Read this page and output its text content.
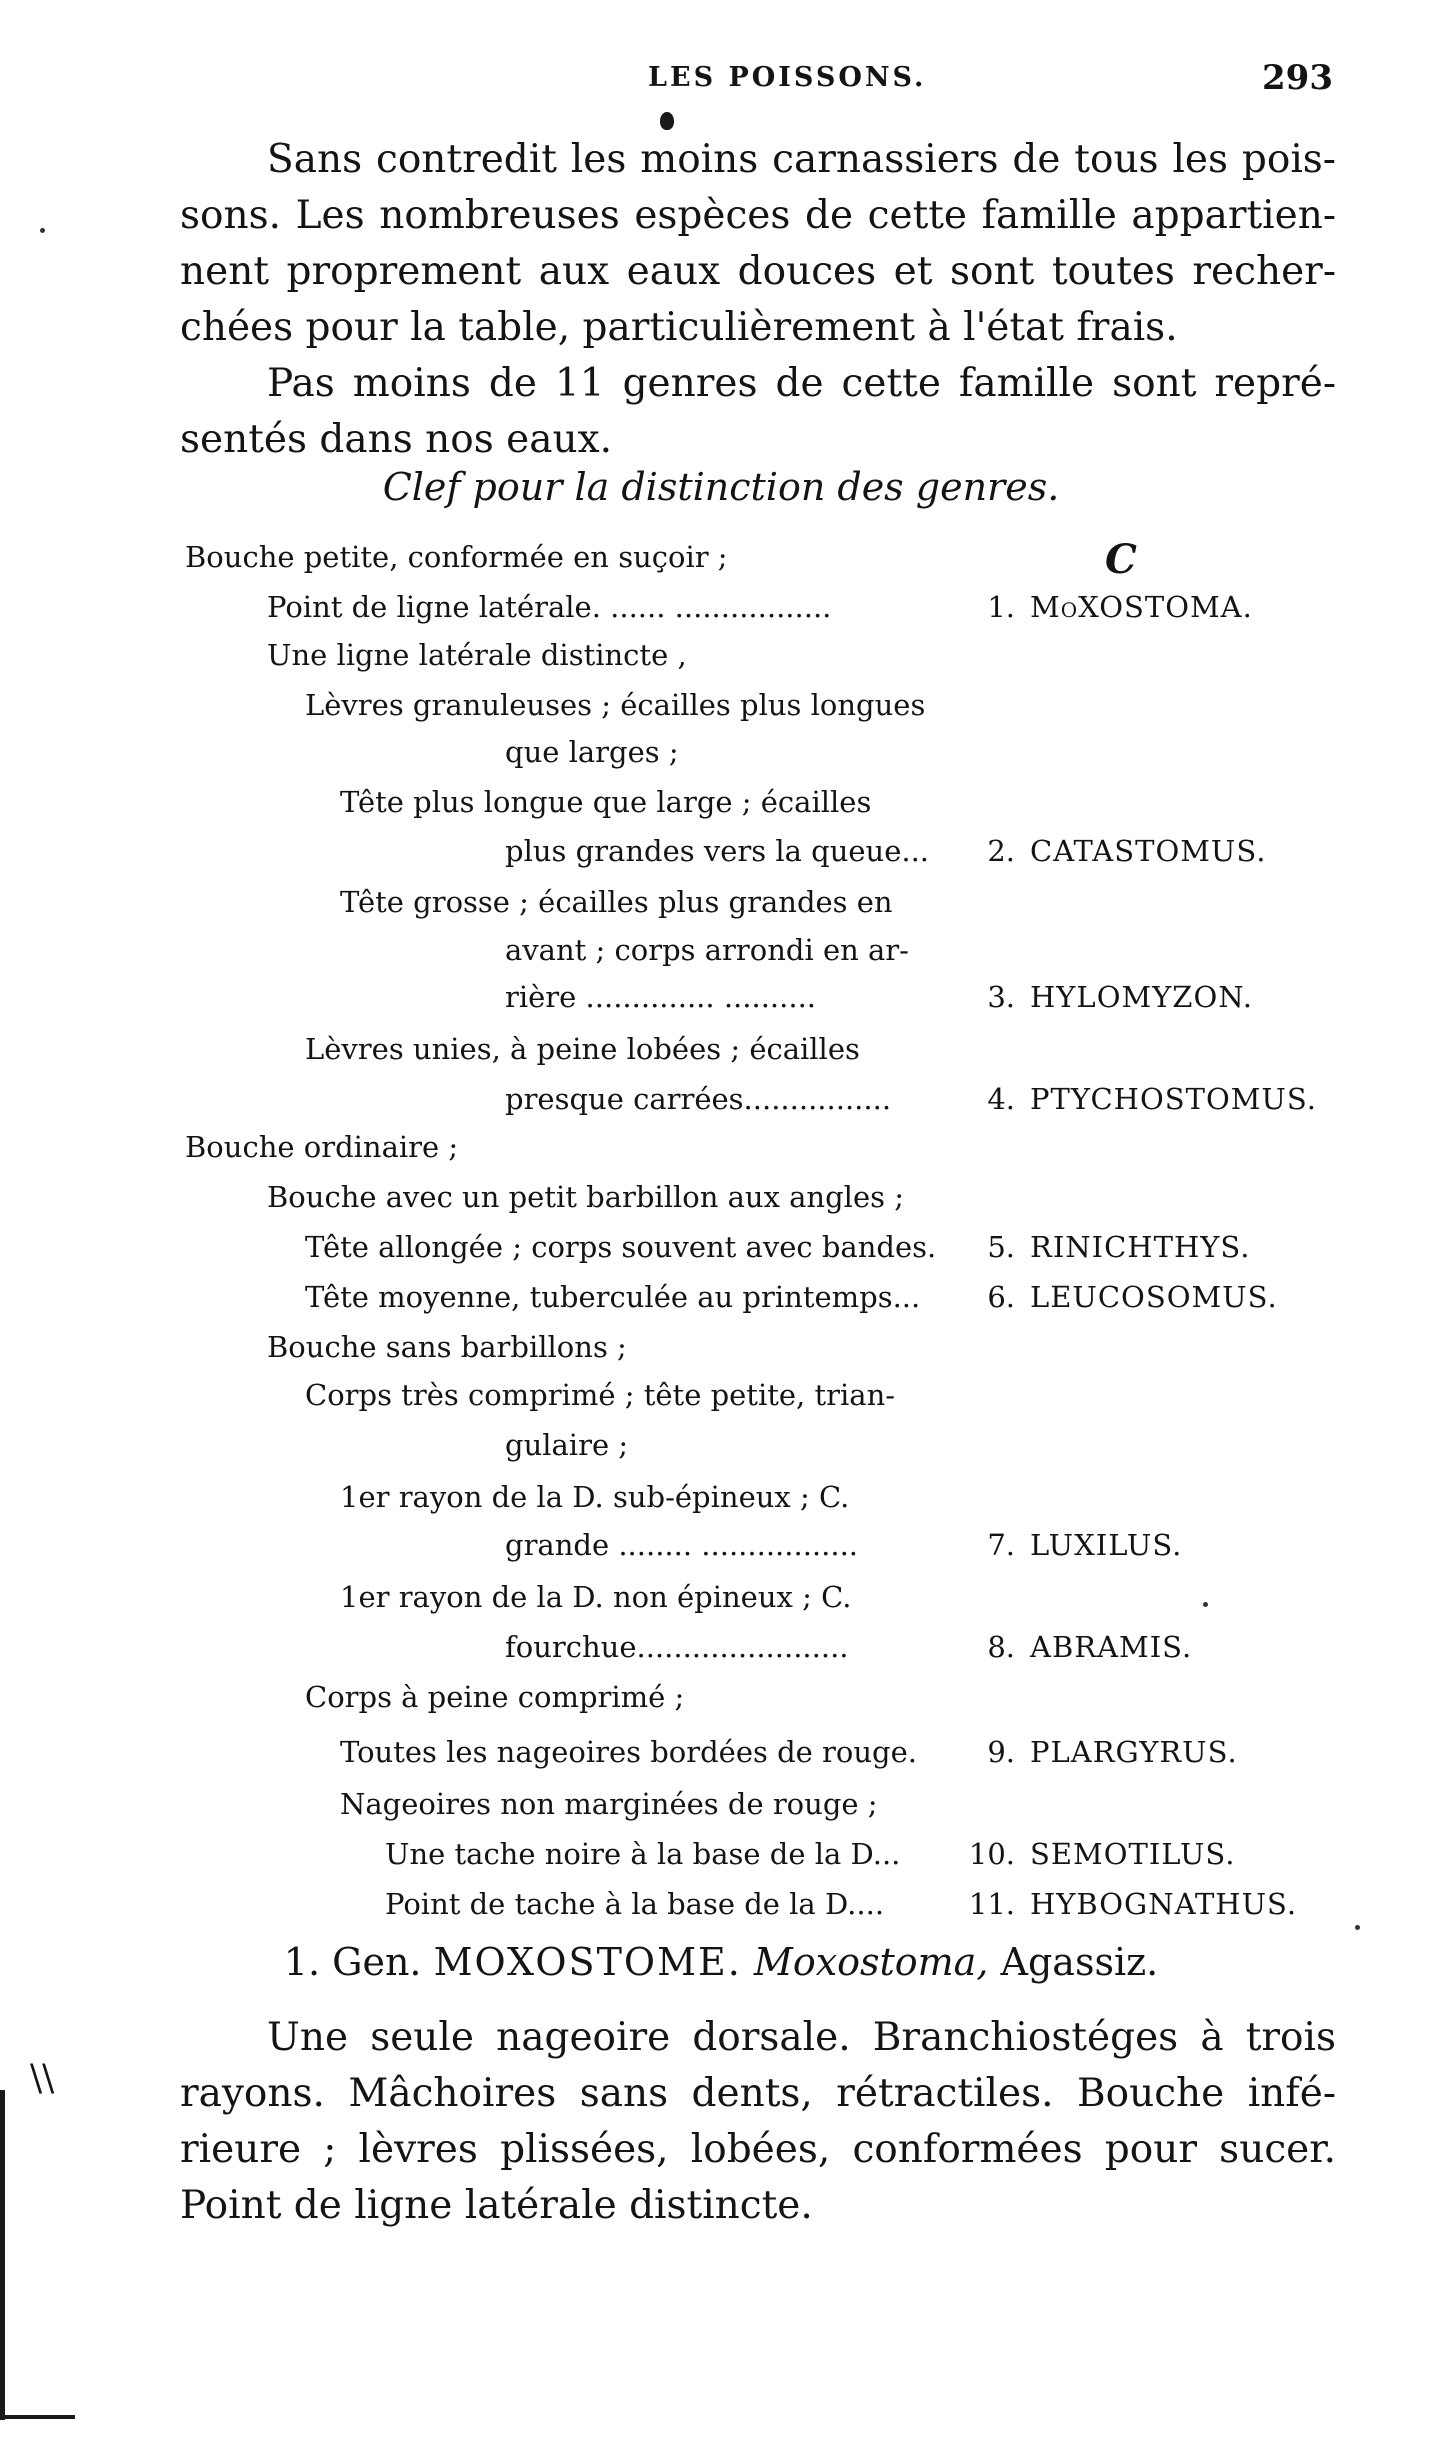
LES POISSONS.	293
Sans contredit les moins carnassiers de tous les pois-
sons. Les nombreuses espèces de cette famille appartien-
nent proprement aux eaux douces et sont toutes recher-
chées pour la table, particulièrement à l'état frais.
Pas moins de 11 genres de cette famille sont repré-
sentés dans nos eaux.
Clef pour la distinction des genres.
C
Bouche petite, conformée en suçoir ;
Point de ligne latérale. ...... .................	1. MoXOSTOMA.
Une ligne latérale distincte ,
Lèvres granuleuses ; écailles plus longues
que larges ;
Tête plus longue que large ; écailles
plus grandes vers la queue...	2. CATASTOMUS.
Tête grosse ; écailles plus grandes en
avant ; corps arrondi en ar-
rière .............. ..........	3. HYLOMYZON.
Lèvres unies, à peine lobées ; écailles
presque carrées................	4. PTYCHOSTOMUS.
Bouche ordinaire ;
Bouche avec un petit barbillon aux angles ;
Tête allongée ; corps souvent avec bandes.	5. RINICHTHYS.
Tête moyenne, tuberculée au printemps...	6. LEUCOSOMUS.
Bouche sans barbillons ;
Corps très comprimé ; tête petite, trian-
gulaire ;
1er rayon de la D. sub-épineux ; C.
grande ........ .................	7. LUXILUS.
1er rayon de la D. non épineux ; C.
fourchue.......................	8. ABRAMIS.
Corps à peine comprimé ;
Toutes les nageoires bordées de rouge.	9. PLARGYRUS.
Nageoires non marginées de rouge ;
Une tache noire à la base de la D...	10. SEMOTILUS.
Point de tache à la base de la D....	11. HYBOGNATHUS.
1. Gen. MOXOSTOME. Moxostoma, Agassiz.
Une seule nageoire dorsale. Branchiostéges à trois
rayons. Mâchoires sans dents, rétractiles. Bouche infé-
rieure ; lèvres plissées, lobées, conformées pour sucer.
Point de ligne latérale distincte.
\\
